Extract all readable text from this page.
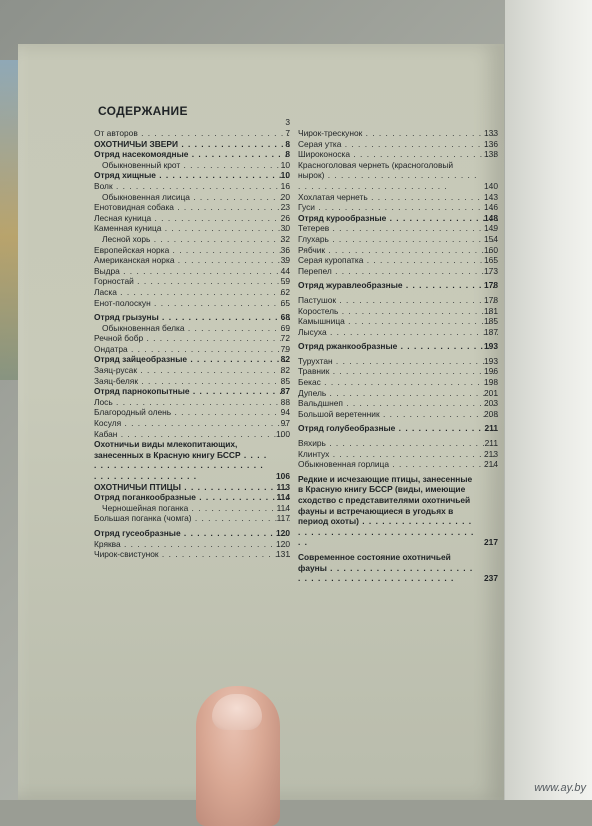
СОДЕРЖАНИЕ
3
От авторов . . .	7
ОХОТНИЧЬИ ЗВЕРИ . . .	8
Отряд насекомоядные . . .	8
Обыкновенный крот . . .	10
Отряд хищные . . .	10
Волк . . .	16
Обыкновенная лисица . . .	20
Енотовидная собака . . .	23
Лесная куница . . .	26
Каменная куница . . .	30
Лесной хорь . . .	32
Европейская норка . . .	36
Американская норка . . .	39
Выдра . . .	44
Горностай . . .	59
Ласка . . .	62
Енот-полоскун . . .	65
Отряд грызуны . . .	68
Обыкновенная белка . . .	69
Речной бобр . . .	72
Ондатра . . .	79
Отряд зайцеобразные . . .	82
Заяц-русак . . .	82
Заяц-беляк . . .	85
Отряд парнокопытные . . .	87
Лось . . .	88
Благородный олень . . .	94
Косуля . . .	97
Кабан . . .	100
Охотничьи виды млекопитающих, занесенных в Красную книгу БССР . . .
106
ОХОТНИЧЬИ ПТИЦЫ . . .	113
Отряд поганкообразные . . .	114
Черношейная поганка . . .	114
Большая поганка (чомга) . . .	117
Отряд гусеобразные . . .	120
Кряква . . .	120
Чирок-свистунок . . .	131
Чирок-трескунок . . .	133
Серая утка . . .	136
Широконоска . . .	138
Красноголовая чернеть (красноголовый нырок) . . .
140
Хохлатая чернеть . . .	143
Гуси . . .	146
Отряд курообразные . . .	148
Тетерев . . .	149
Глухарь . . .	154
Рябчик . . .	160
Серая куропатка . . .	165
Перепел . . .	173
Отряд журавлеобразные . . .	178
Пастушок . . .	178
Коростель . . .	181
Камышница . . .	185
Лысуха . . .	187
Отряд ржанкообразные . . .	193
Турухтан . . .	193
Травник . . .	196
Бекас . . .	198
Дупель . . .	201
Вальдшнеп . . .	203
Большой веретенник . . .	208
Отряд голубеобразные . . .	211
Вяхирь . . .	211
Клинтух . . .	213
Обыкновенная горлица . . .	214
Редкие и исчезающие птицы, занесенные в Красную книгу БССР (виды, имеющие сходство с представителями охотничьей фауны и встречающиеся в угодьях в период охоты) . . .
217
Современное состояние охотничьей фауны . . .
237
www.ay.by
